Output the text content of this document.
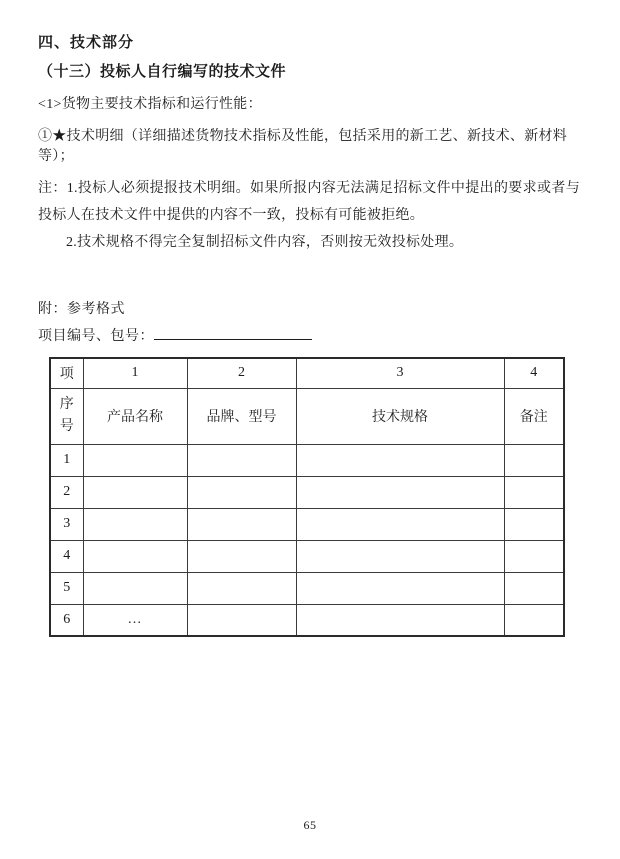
四、技术部分
（十三）投标人自行编写的技术文件

<1>货物主要技术指标和运行性能：

①★技术明细（详细描述货物技术指标及性能，包括采用的新工艺、新技术、新材料等）；

注：1.投标人必须提报技术明细。如果所报内容无法满足招标文件中提出的要求或者与投标人在技术文件中提供的内容不一致，投标有可能被拒绝。

2.技术规格不得完全复制招标文件内容，否则按无效投标处理。

附：参考格式

项目编号、包号：

项	1	2	3	4
序号	产品名称	品牌、型号	技术规格	备注
1				
2				
3				
4				
5				
6	…			
65
